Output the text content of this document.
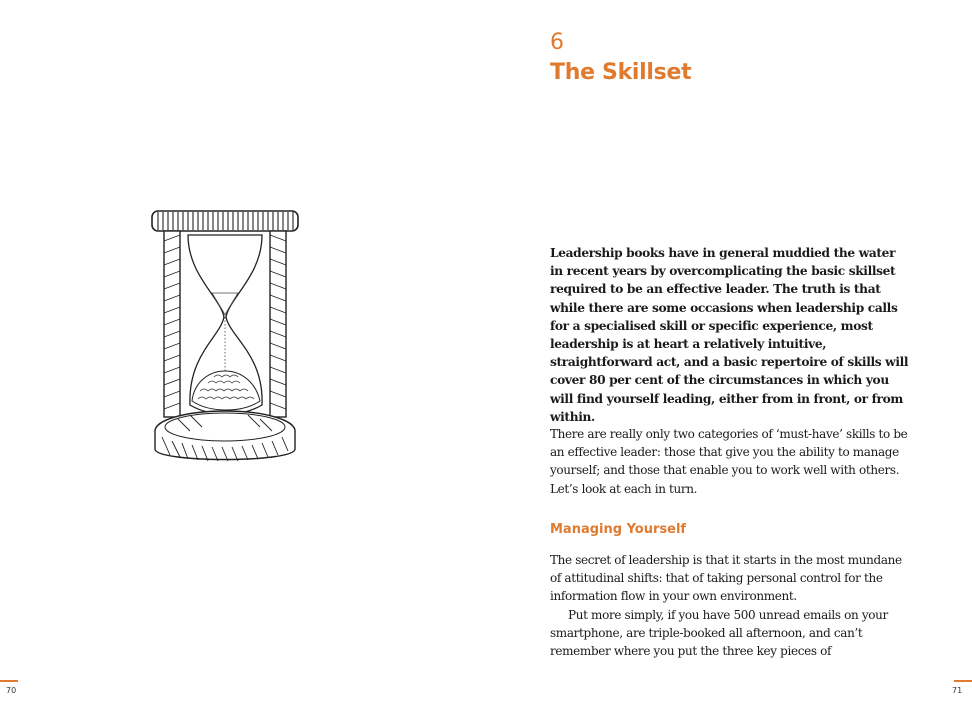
70
6
The Skillset

Leadership books have in general muddied the water in recent years by overcomplicating the basic skillset required to be an effective leader. The truth is that while there are some occasions when leadership calls for a specialised skill or specific experience, most leadership is at heart a relatively intuitive, straightforward act, and a basic repertoire of skills will cover 80 per cent of the circumstances in which you will find yourself leading, either from in front, or from within.

There are really only two categories of ‘must-have’ skills to be an effective leader: those that give you the ability to manage yourself; and those that enable you to work well with others. Let’s look at each in turn.

Managing Yourself

The secret of leadership is that it starts in the most mundane of attitudinal shifts: that of taking personal control for the information flow in your own environment.
Put more simply, if you have 500 unread emails on your smartphone, are triple-booked all afternoon, and can’t remember where you put the three key pieces of

71
